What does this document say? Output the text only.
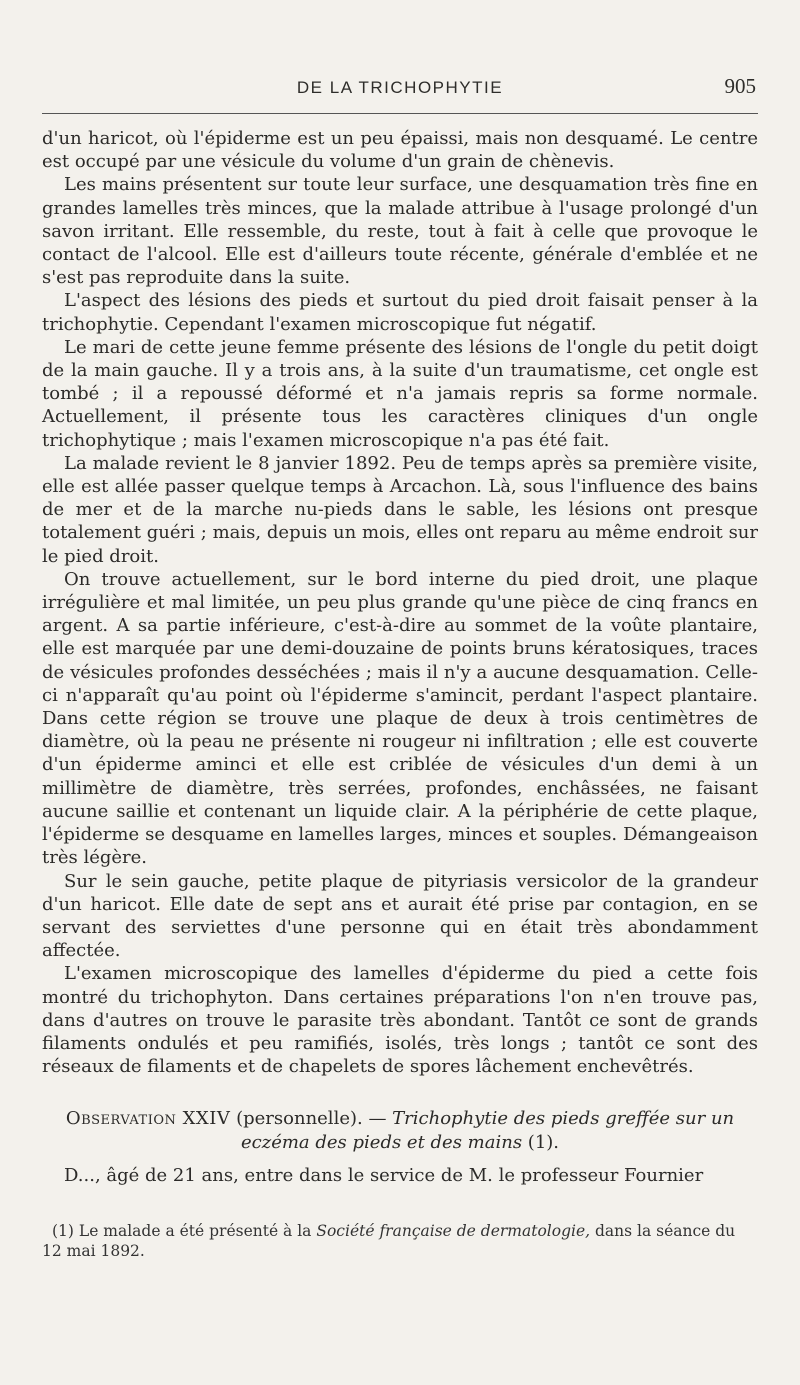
DE LA TRICHOPHYTIE	905

d'un haricot, où l'épiderme est un peu épaissi, mais non desquamé. Le centre est occupé par une vésicule du volume d'un grain de chènevis.

Les mains présentent sur toute leur surface, une desquamation très fine en grandes lamelles très minces, que la malade attribue à l'usage prolongé d'un savon irritant. Elle ressemble, du reste, tout à fait à celle que provoque le contact de l'alcool. Elle est d'ailleurs toute récente, générale d'emblée et ne s'est pas reproduite dans la suite.

L'aspect des lésions des pieds et surtout du pied droit faisait penser à la trichophytie. Cependant l'examen microscopique fut négatif.

Le mari de cette jeune femme présente des lésions de l'ongle du petit doigt de la main gauche. Il y a trois ans, à la suite d'un traumatisme, cet ongle est tombé ; il a repoussé déformé et n'a jamais repris sa forme normale. Actuellement, il présente tous les caractères cliniques d'un ongle trichophytique ; mais l'examen microscopique n'a pas été fait.

La malade revient le 8 janvier 1892. Peu de temps après sa première visite, elle est allée passer quelque temps à Arcachon. Là, sous l'influence des bains de mer et de la marche nu-pieds dans le sable, les lésions ont presque totalement guéri ; mais, depuis un mois, elles ont reparu au même endroit sur le pied droit.

On trouve actuellement, sur le bord interne du pied droit, une plaque irrégulière et mal limitée, un peu plus grande qu'une pièce de cinq francs en argent. A sa partie inférieure, c'est-à-dire au sommet de la voûte plantaire, elle est marquée par une demi-douzaine de points bruns kératosiques, traces de vésicules profondes desséchées ; mais il n'y a aucune desquamation. Celle-ci n'apparaît qu'au point où l'épiderme s'amincit, perdant l'aspect plantaire. Dans cette région se trouve une plaque de deux à trois centimètres de diamètre, où la peau ne présente ni rougeur ni infiltration ; elle est couverte d'un épiderme aminci et elle est criblée de vésicules d'un demi à un millimètre de diamètre, très serrées, profondes, enchâssées, ne faisant aucune saillie et contenant un liquide clair. A la périphérie de cette plaque, l'épiderme se desquame en lamelles larges, minces et souples. Démangeaison très légère.

Sur le sein gauche, petite plaque de pityriasis versicolor de la grandeur d'un haricot. Elle date de sept ans et aurait été prise par contagion, en se servant des serviettes d'une personne qui en était très abondamment affectée.

L'examen microscopique des lamelles d'épiderme du pied a cette fois montré du trichophyton. Dans certaines préparations l'on n'en trouve pas, dans d'autres on trouve le parasite très abondant. Tantôt ce sont de grands filaments ondulés et peu ramifiés, isolés, très longs ; tantôt ce sont des réseaux de filaments et de chapelets de spores lâchement enchevêtrés.

Observation XXIV (personnelle). — Trichophytie des pieds greffée sur un eczéma des pieds et des mains (1).

D..., âgé de 21 ans, entre dans le service de M. le professeur Fournier

(1) Le malade a été présenté à la Société française de dermatologie, dans la séance du 12 mai 1892.
